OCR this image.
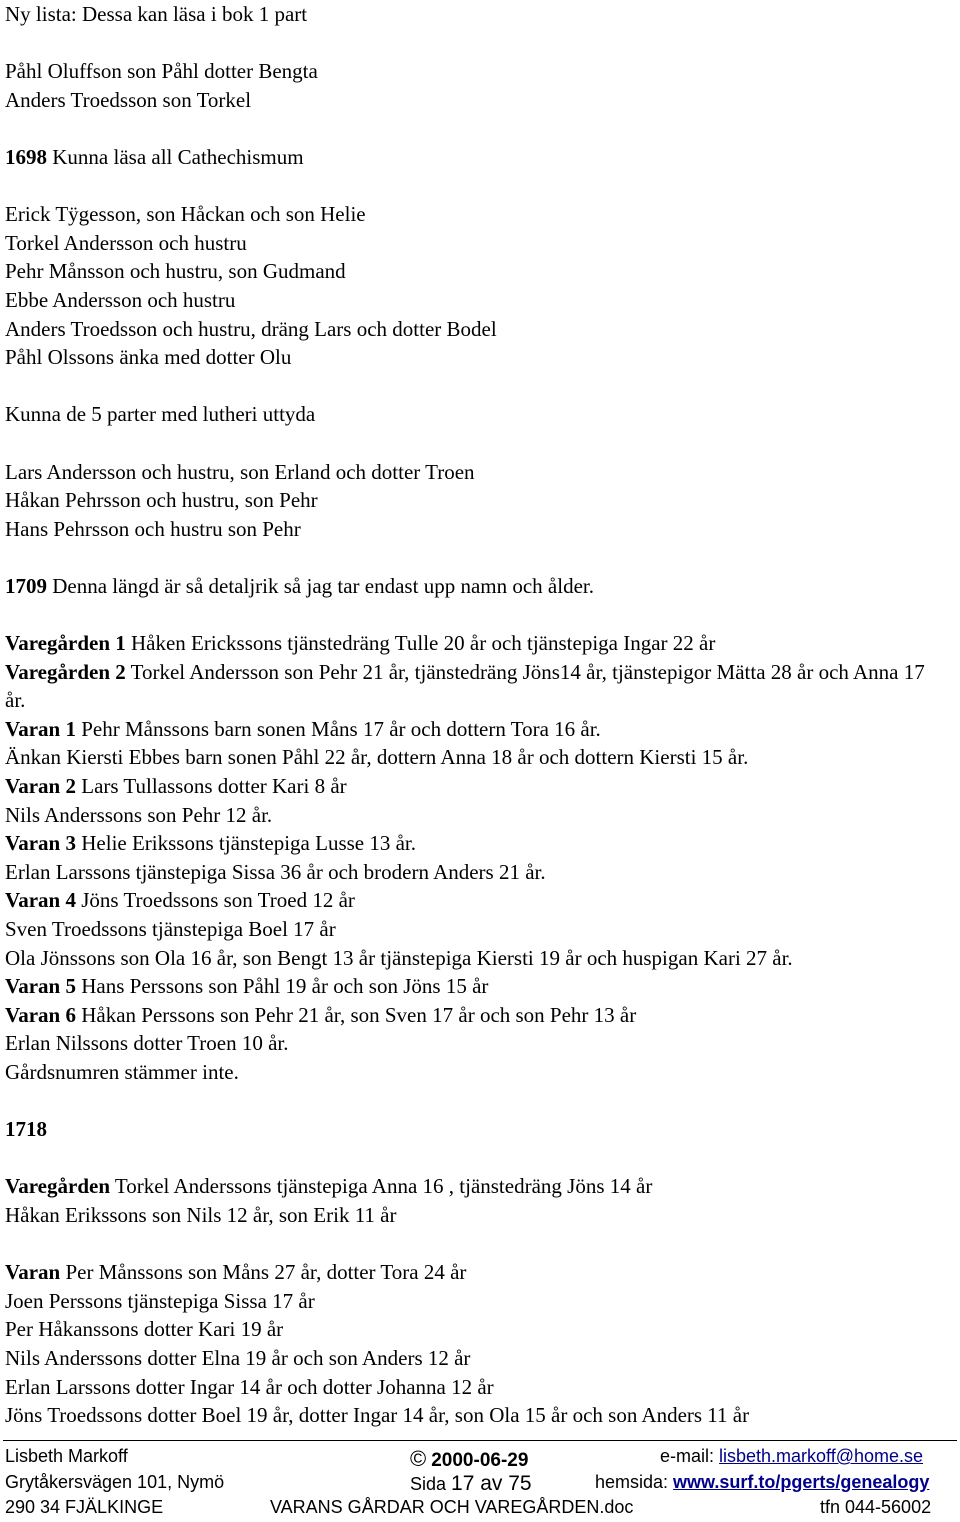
Ny lista: Dessa kan läsa i bok 1 part
Påhl Oluffson son Påhl dotter Bengta
Anders Troedsson son Torkel
1698 Kunna läsa all Cathechismum
Erick Tÿgesson, son Håckan och son Helie
Torkel Andersson och hustru
Pehr Månsson och hustru, son Gudmand
Ebbe Andersson och hustru
Anders Troedsson och hustru, dräng Lars och dotter Bodel
Påhl Olssons änka med dotter Olu
Kunna de 5 parter med lutheri uttyda
Lars Andersson och hustru, son Erland och dotter Troen
Håkan Pehrsson och hustru, son Pehr
Hans Pehrsson och hustru son Pehr
1709 Denna längd är så detaljrik så jag tar endast upp namn och ålder.
Varegården 1 Håken Erickssons tjänstedräng Tulle 20 år och tjänstepiga Ingar 22 år
Varegården 2 Torkel Andersson son Pehr 21 år, tjänstedräng Jöns14 år, tjänstepigor Mätta 28 år och Anna 17 år.
Varan 1 Pehr Månssons barn sonen Måns 17 år och dottern Tora 16 år.
Änkan Kiersti Ebbes barn sonen Påhl 22 år, dottern Anna 18 år och dottern Kiersti 15 år.
Varan 2 Lars Tullassons dotter Kari 8 år
Nils Anderssons son Pehr 12 år.
Varan 3 Helie Erikssons tjänstepiga Lusse 13 år.
Erlan Larssons tjänstepiga Sissa 36 år och brodern Anders 21 år.
Varan 4 Jöns Troedssons son Troed 12 år
Sven Troedssons tjänstepiga Boel 17 år
Ola Jönssons son Ola 16 år, son Bengt 13 år tjänstepiga Kiersti 19 år och huspigan Kari 27 år.
Varan 5 Hans Perssons son Påhl 19 år och son Jöns 15 år
Varan 6 Håkan Perssons son Pehr 21 år, son Sven 17 år och son Pehr 13 år
Erlan Nilssons dotter Troen 10 år.
Gårdsnumren stämmer inte.
1718
Varegården Torkel Anderssons tjänstepiga Anna 16 , tjänstedräng Jöns 14 år
Håkan Erikssons son Nils 12 år, son Erik 11 år
Varan Per Månssons son Måns 27 år, dotter Tora 24 år
Joen Perssons tjänstepiga Sissa 17 år
Per Håkanssons dotter Kari 19 år
Nils Anderssons dotter Elna 19 år och son Anders 12 år
Erlan Larssons dotter Ingar 14 år och dotter Johanna 12 år
Jöns Troedssons dotter Boel 19 år, dotter Ingar 14 år, son Ola 15 år och son Anders 11 år
Lisbeth Markoff	© 2000-06-29	e-mail: lisbeth.markoff@home.se
Grytåkersvägen 101, Nymö	Sida 17 av 75	hemsida: www.surf.to/pgerts/genealogy
290 34 FJÄLKINGE	VARANS GÅRDAR OCH VAREGÅRDEN.doc	tfn 044-56002
